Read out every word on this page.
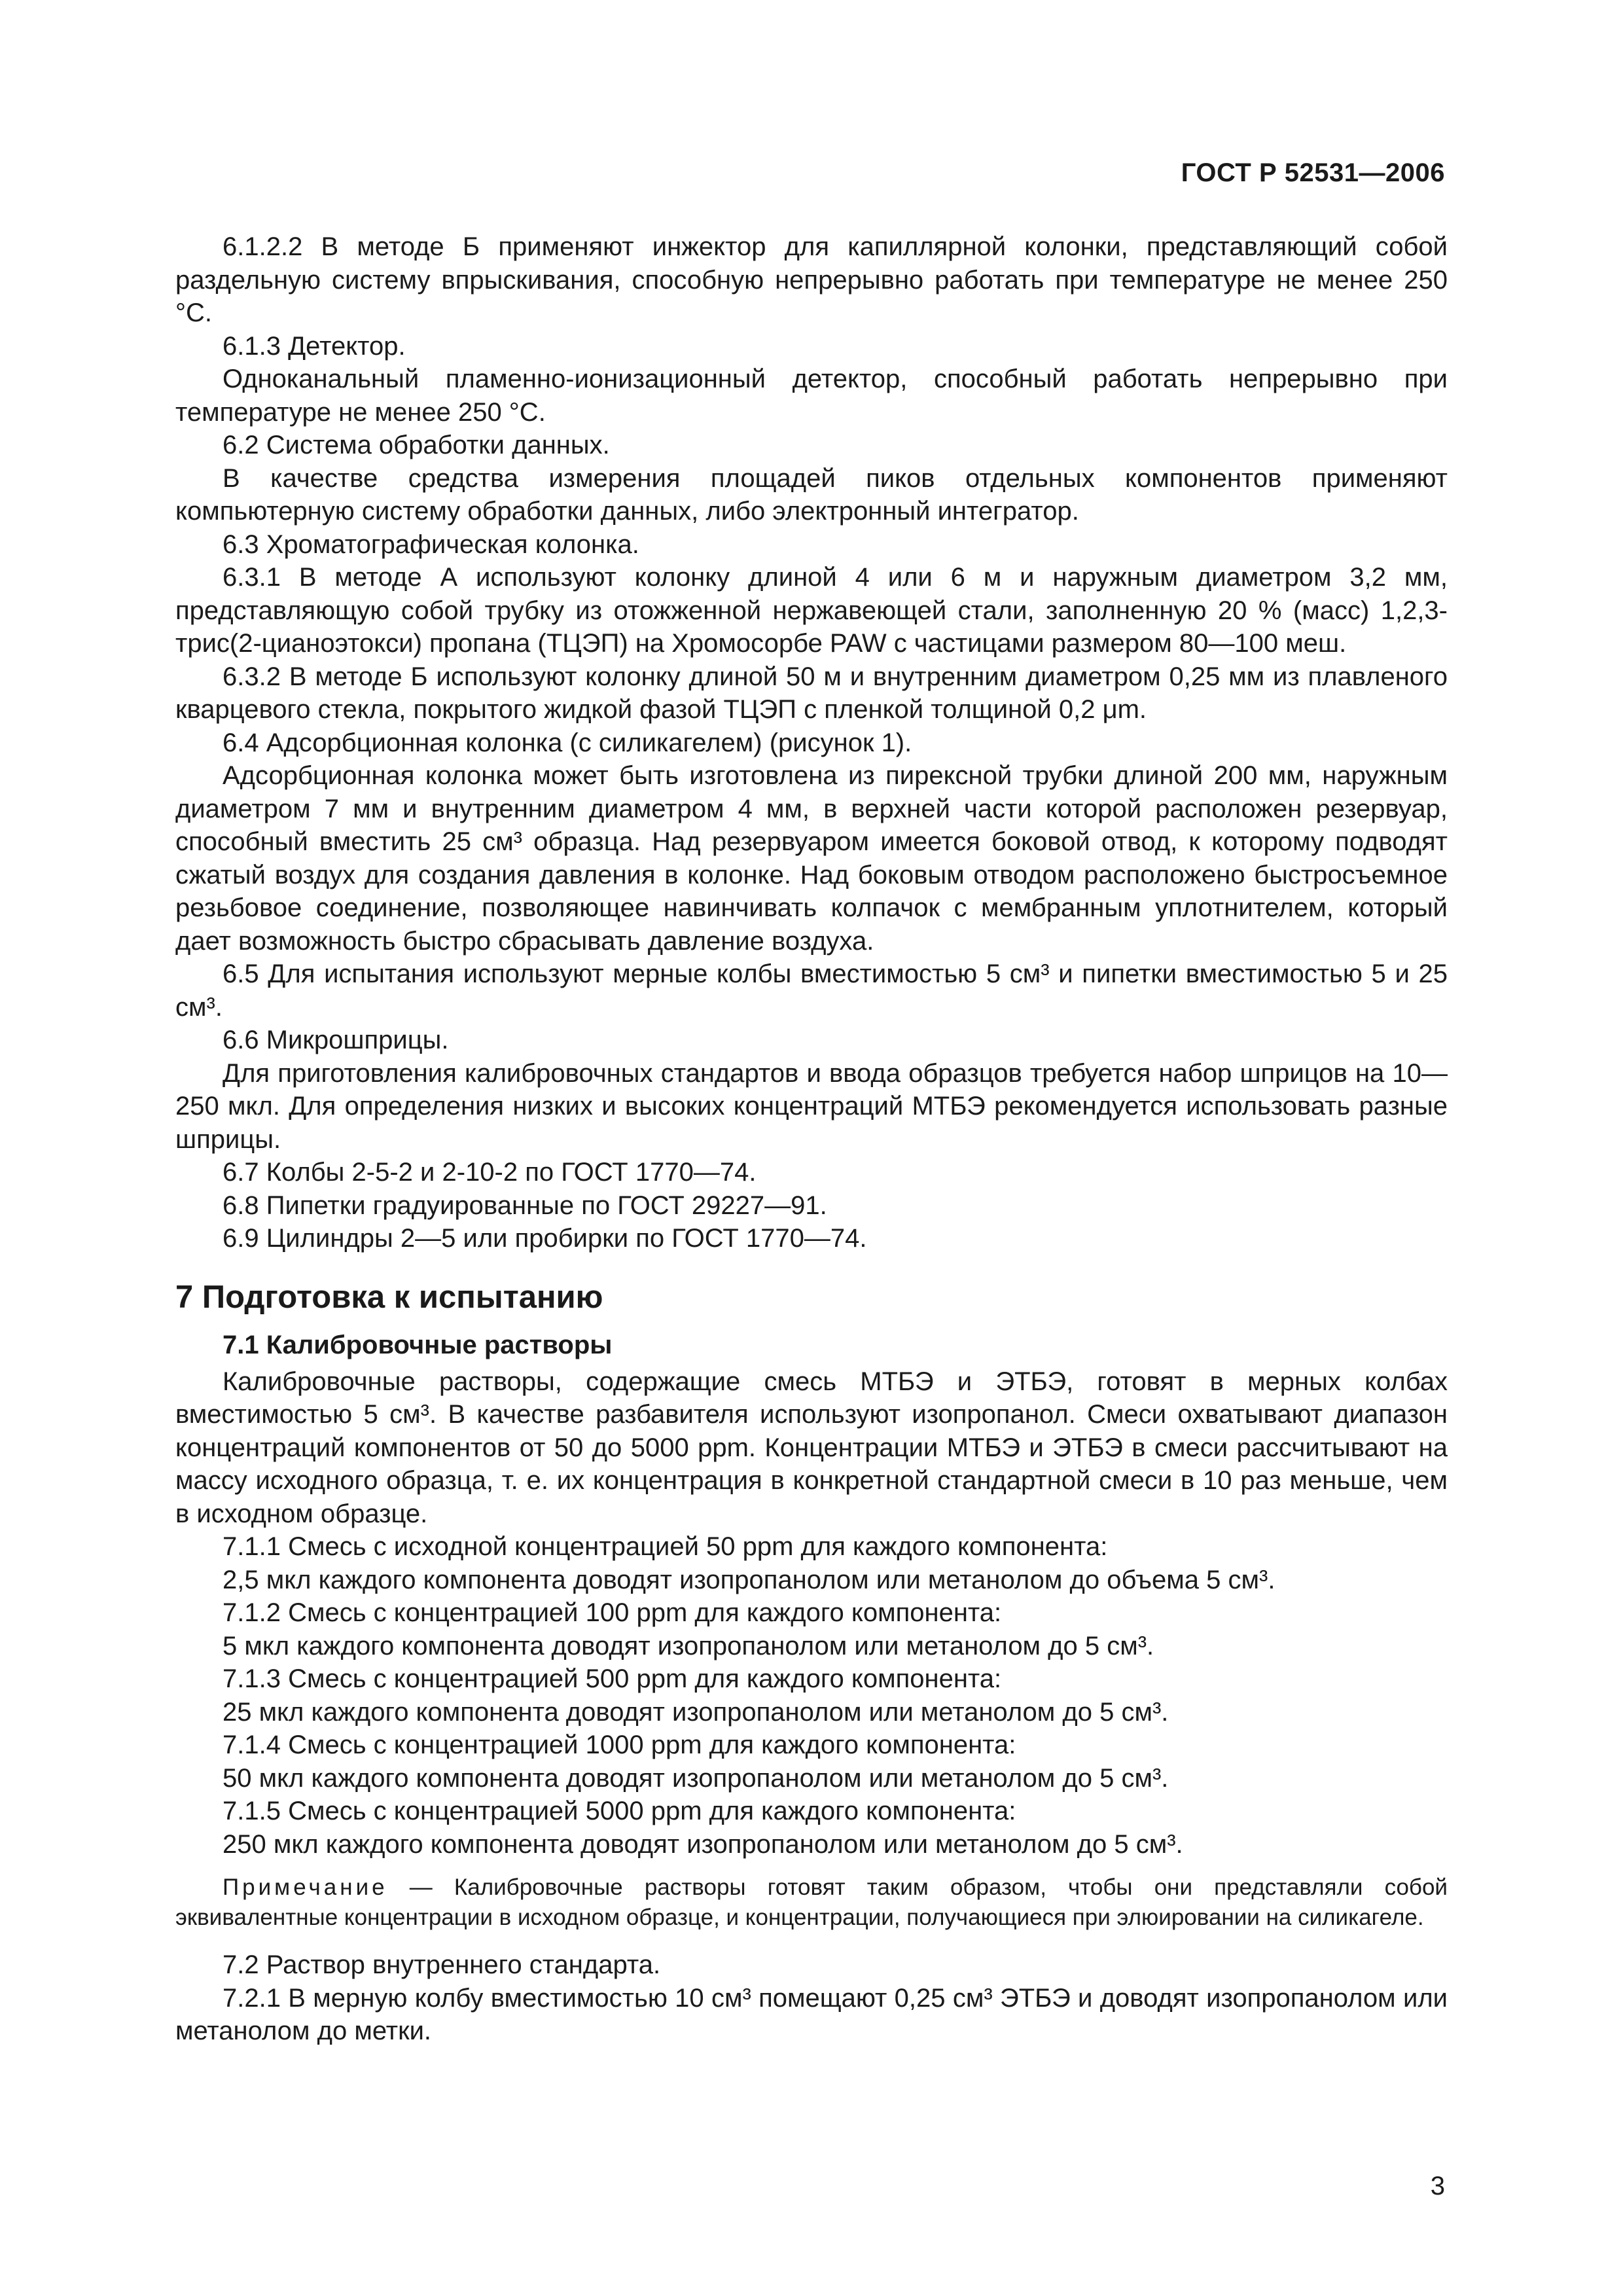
ГОСТ Р 52531—2006

6.1.2.2 В методе Б применяют инжектор для капиллярной колонки, представляющий собой раздельную систему впрыскивания, способную непрерывно работать при температуре не менее 250 °С.

6.1.3 Детектор.

Одноканальный пламенно-ионизационный детектор, способный работать непрерывно при температуре не менее 250 °С.

6.2 Система обработки данных.

В качестве средства измерения площадей пиков отдельных компонентов применяют компьютерную систему обработки данных, либо электронный интегратор.

6.3 Хроматографическая колонка.

6.3.1 В методе А используют колонку длиной 4 или 6 м и наружным диаметром 3,2 мм, представляющую собой трубку из отожженной нержавеющей стали, заполненную 20 % (масс) 1,2,3-трис(2-цианоэтокси) пропана (ТЦЭП) на Хромосорбе PAW с частицами размером 80—100 меш.

6.3.2 В методе Б используют колонку длиной 50 м и внутренним диаметром 0,25 мм из плавленого кварцевого стекла, покрытого жидкой фазой ТЦЭП с пленкой толщиной 0,2 μm.

6.4 Адсорбционная колонка (с силикагелем) (рисунок 1).

Адсорбционная колонка может быть изготовлена из пирексной трубки длиной 200 мм, наружным диаметром 7 мм и внутренним диаметром 4 мм, в верхней части которой расположен резервуар, способный вместить 25 см³ образца. Над резервуаром имеется боковой отвод, к которому подводят сжатый воздух для создания давления в колонке. Над боковым отводом расположено быстросъемное резьбовое соединение, позволяющее навинчивать колпачок с мембранным уплотнителем, который дает возможность быстро сбрасывать давление воздуха.

6.5 Для испытания используют мерные колбы вместимостью 5 см³ и пипетки вместимостью 5 и 25 см³.

6.6 Микрошприцы.

Для приготовления калибровочных стандартов и ввода образцов требуется набор шприцов на 10—250 мкл. Для определения низких и высоких концентраций МТБЭ рекомендуется использовать разные шприцы.

6.7 Колбы 2-5-2 и 2-10-2 по ГОСТ 1770—74.

6.8 Пипетки градуированные по ГОСТ 29227—91.

6.9 Цилиндры 2—5 или пробирки по ГОСТ 1770—74.

7 Подготовка к испытанию
7.1 Калибровочные растворы

Калибровочные растворы, содержащие смесь МТБЭ и ЭТБЭ, готовят в мерных колбах вместимостью 5 см³. В качестве разбавителя используют изопропанол. Смеси охватывают диапазон концентраций компонентов от 50 до 5000 ppm. Концентрации МТБЭ и ЭТБЭ в смеси рассчитывают на массу исходного образца, т. е. их концентрация в конкретной стандартной смеси в 10 раз меньше, чем в исходном образце.

7.1.1 Смесь с исходной концентрацией 50 ppm для каждого компонента:

2,5 мкл каждого компонента доводят изопропанолом или метанолом до объема 5 см³.

7.1.2 Смесь с концентрацией 100 ppm для каждого компонента:

5 мкл каждого компонента доводят изопропанолом или метанолом до 5 см³.

7.1.3 Смесь с концентрацией 500 ppm для каждого компонента:

25 мкл каждого компонента доводят изопропанолом или метанолом до 5 см³.

7.1.4 Смесь с концентрацией 1000 ppm для каждого компонента:

50 мкл каждого компонента доводят изопропанолом или метанолом до 5 см³.

7.1.5 Смесь с концентрацией 5000 ppm для каждого компонента:

250 мкл каждого компонента доводят изопропанолом или метанолом до 5 см³.

Примечание — Калибровочные растворы готовят таким образом, чтобы они представляли собой эквивалентные концентрации в исходном образце, и концентрации, получающиеся при элюировании на силикагеле.

7.2 Раствор внутреннего стандарта.

7.2.1 В мерную колбу вместимостью 10 см³ помещают 0,25 см³ ЭТБЭ и доводят изопропанолом или метанолом до метки.

3
